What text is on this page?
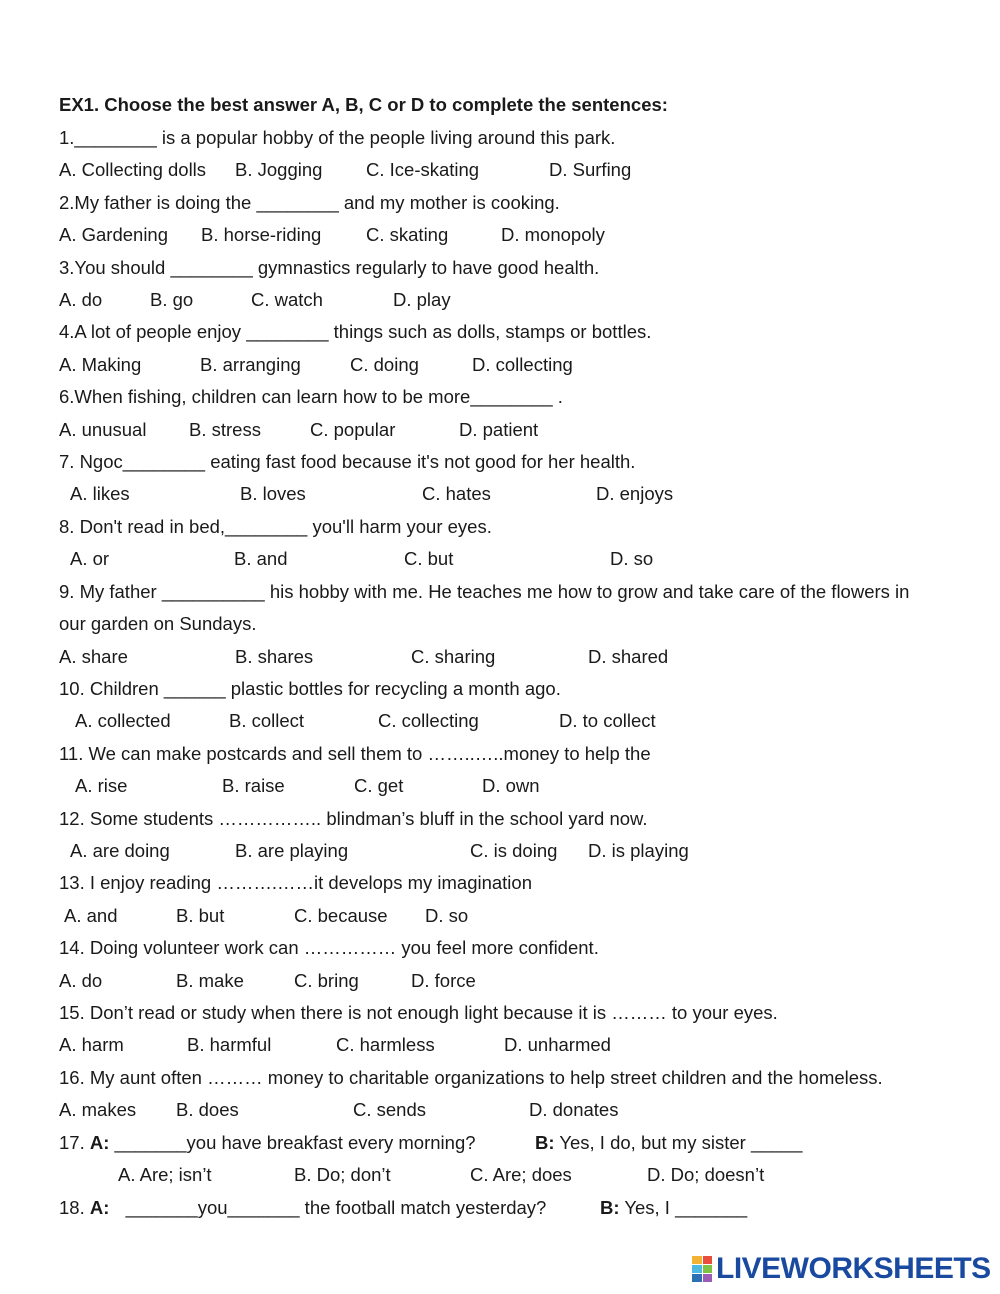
EX1. Choose the best answer A, B, C or D to complete the sentences:
1.________ is a popular hobby of the people living around this park.
A. Collecting dolls B. Jogging C. Ice-skating	D. Surfing
2.My father is doing the ________ and my mother is cooking.
A. Gardening B. horse-riding C. skating	D. monopoly
3.You should ________ gymnastics regularly to have good health.
A. do	B. go	C. watch	D. play
4.A lot of people enjoy ________ things such as dolls, stamps or bottles.
A. Making	B. arranging	C. doing	D. collecting
6.When fishing, children can learn how to be more________ .
A. unusual B. stress	C. popular	D. patient
7. Ngoc________ eating fast food because it's not good for her health.
A. likes	B. loves	C. hates	D. enjoys
8. Don't read in bed,________ you'll harm your eyes.
A. or	B. and	C. but	D. so
9. My father __________ his hobby with me. He teaches me how to grow and take care of the flowers in
our garden on Sundays.
A. share	B. shares	C. sharing	D. shared
10. Children ______ plastic bottles for recycling a month ago.
A. collected	B. collect	C. collecting	D. to collect
11. We can make postcards and sell them to ……..…..money to help the
A. rise	B. raise	C. get	D. own
12. Some students …………….. blindman’s bluff in the school yard now.
A. are doing	B. are playing	C. is doing D. is playing
13. I enjoy reading ……….……it develops my imagination
A. and	B. but	C. because D. so
14. Doing volunteer work can …………… you feel more confident.
A. do	B. make	C. bring	D. force
15. Don’t read or study when there is not enough light because it is ……… to your eyes.
A. harm	B. harmful	C. harmless	D. unharmed
16. My aunt often ……… money to charitable organizations to help street children and the homeless.
A. makes B. does	C. sends	D. donates
17. A: _______you have breakfast every morning?	B: Yes, I do, but my sister _____
A. Are; isn’t	B. Do; don’t	C. Are; does	D. Do; doesn’t
18. A: _______you_______ the football match yesterday?	B: Yes, I _______
LIVEWORKSHEETS
